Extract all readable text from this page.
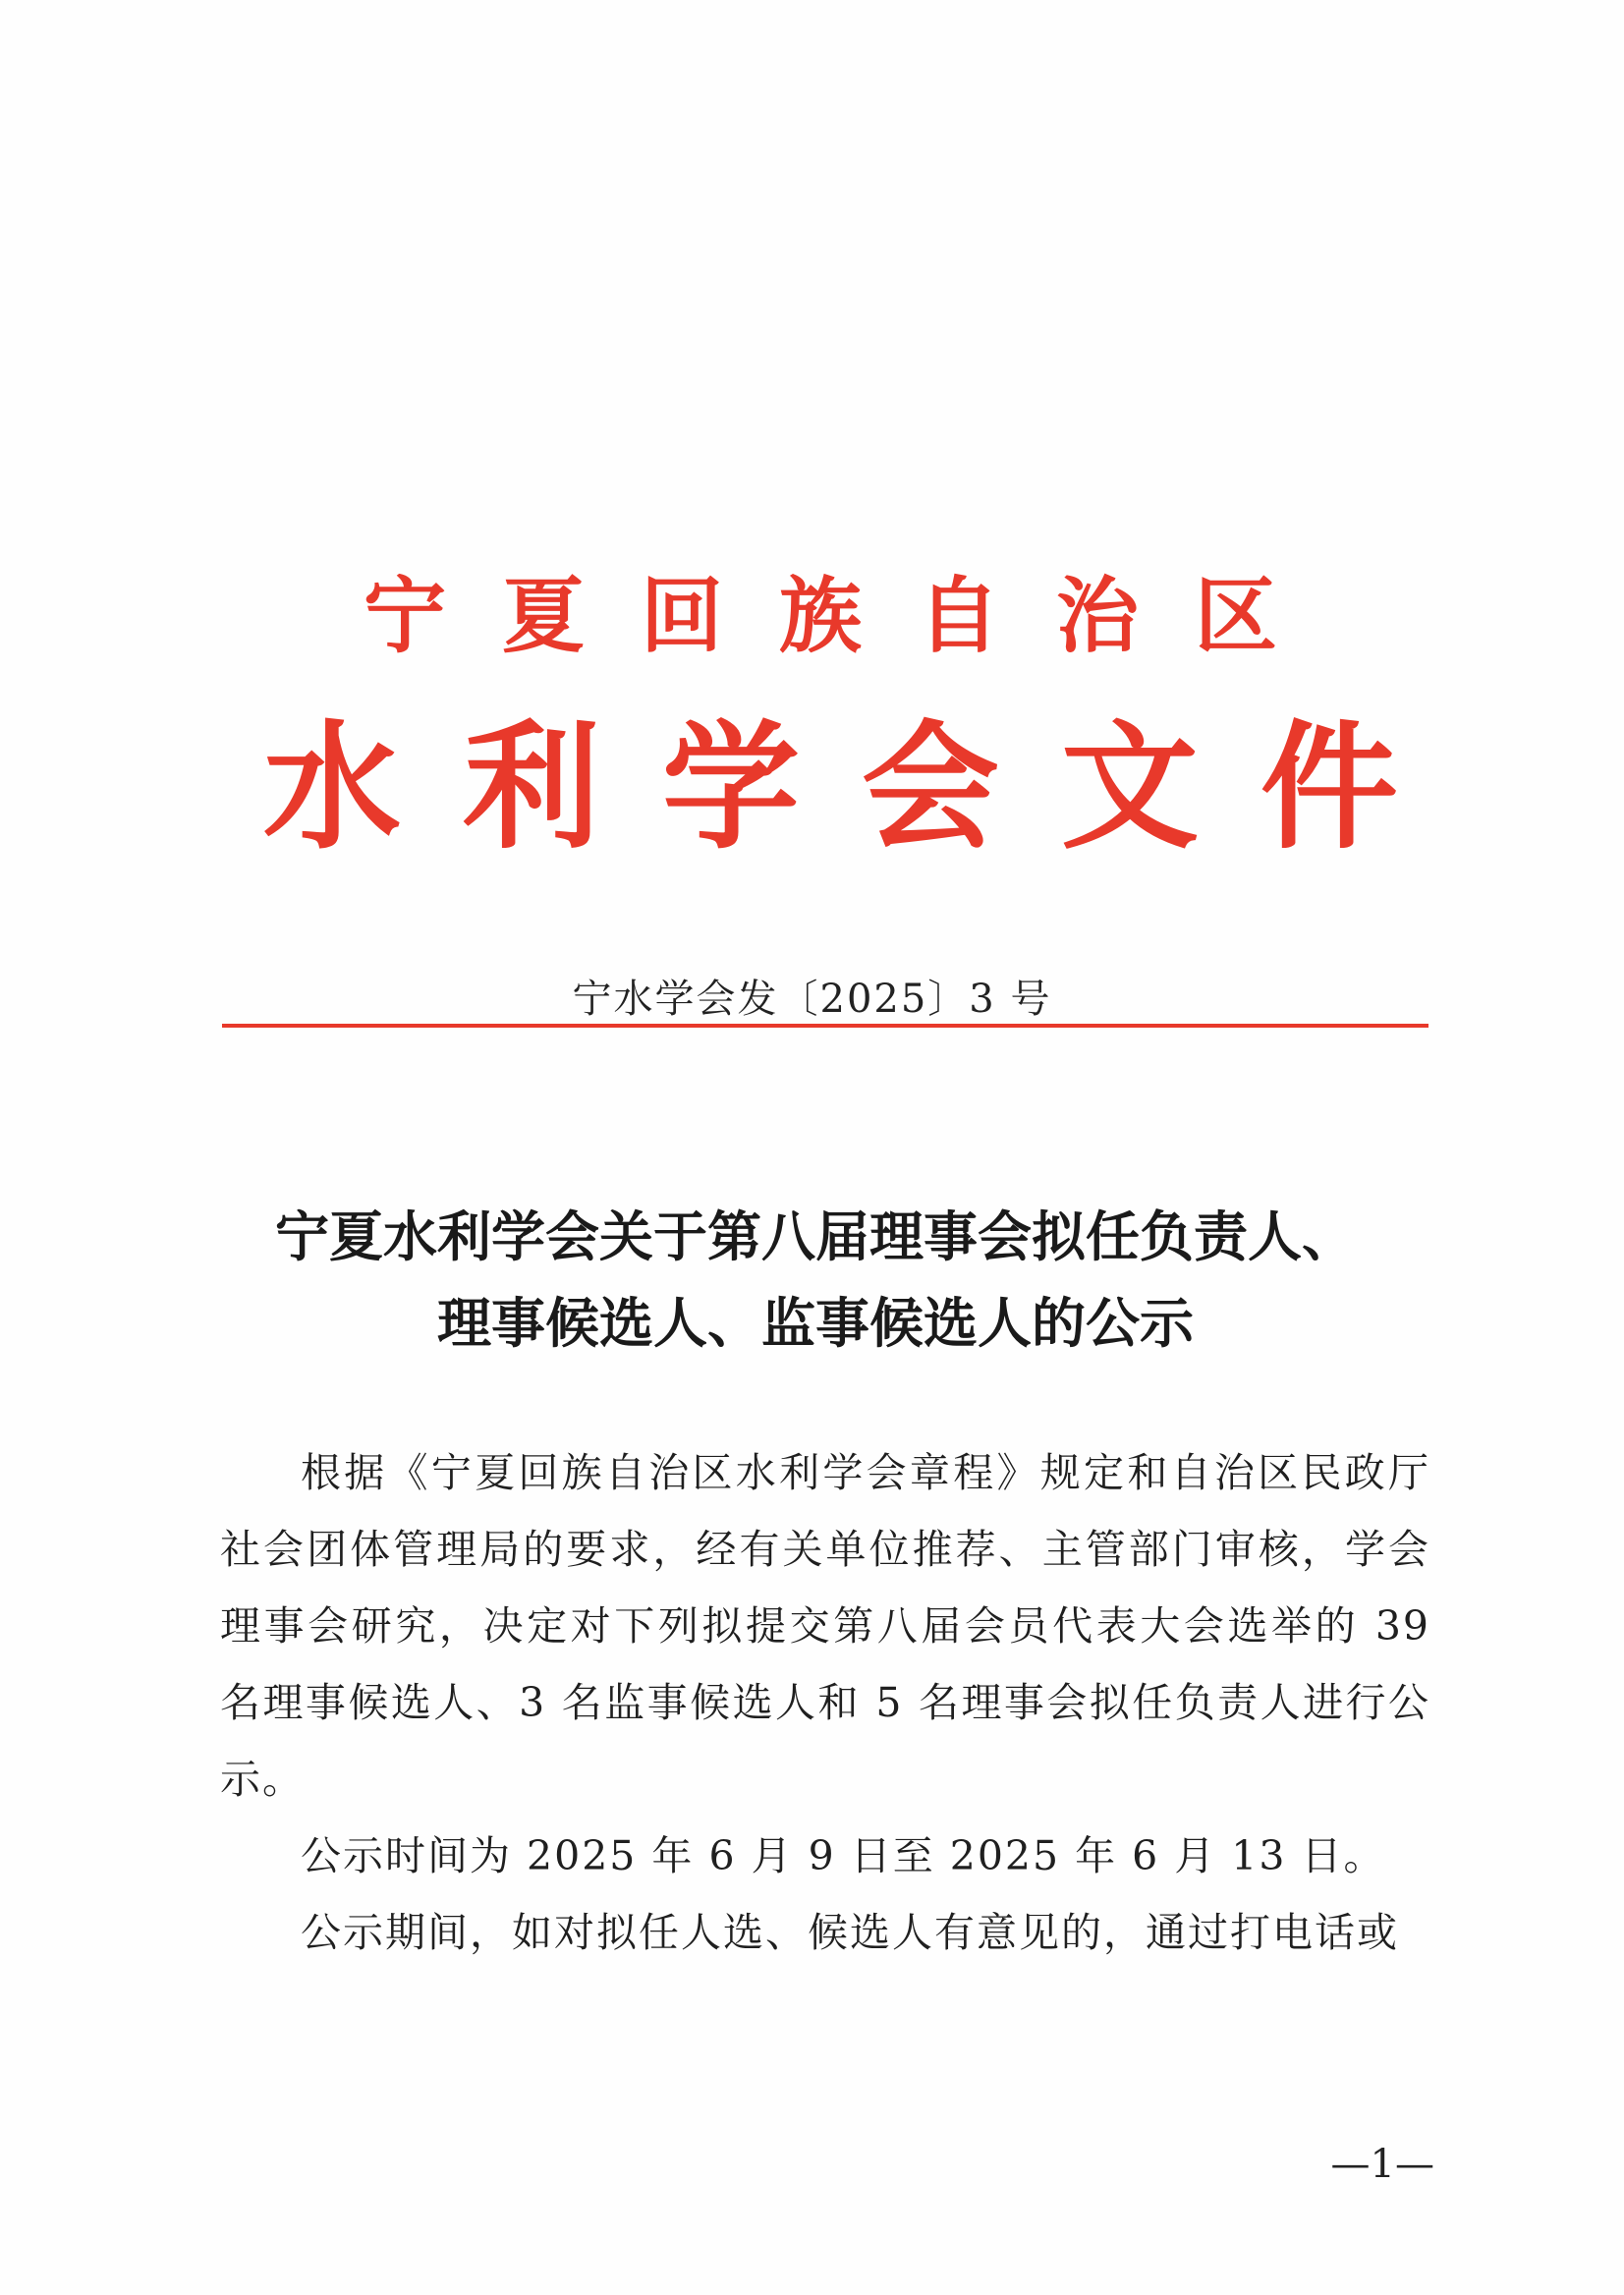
宁 夏 回 族 自 治 区
水 利 学 会 文 件
宁水学会发〔2025〕3 号
宁夏水利学会关于第八届理事会拟任负责人、
理事候选人、监事候选人的公示

根据《宁夏回族自治区水利学会章程》规定和自治区民政厅社会团体管理局的要求，经有关单位推荐、主管部门审核，学会理事会研究，决定对下列拟提交第八届会员代表大会选举的 39 名理事候选人、3 名监事候选人和 5 名理事会拟任负责人进行公示。

公示时间为 2025 年 6 月 9 日至 2025 年 6 月 13 日。

公示期间，如对拟任人选、候选人有意见的，通过打电话或

—1—
